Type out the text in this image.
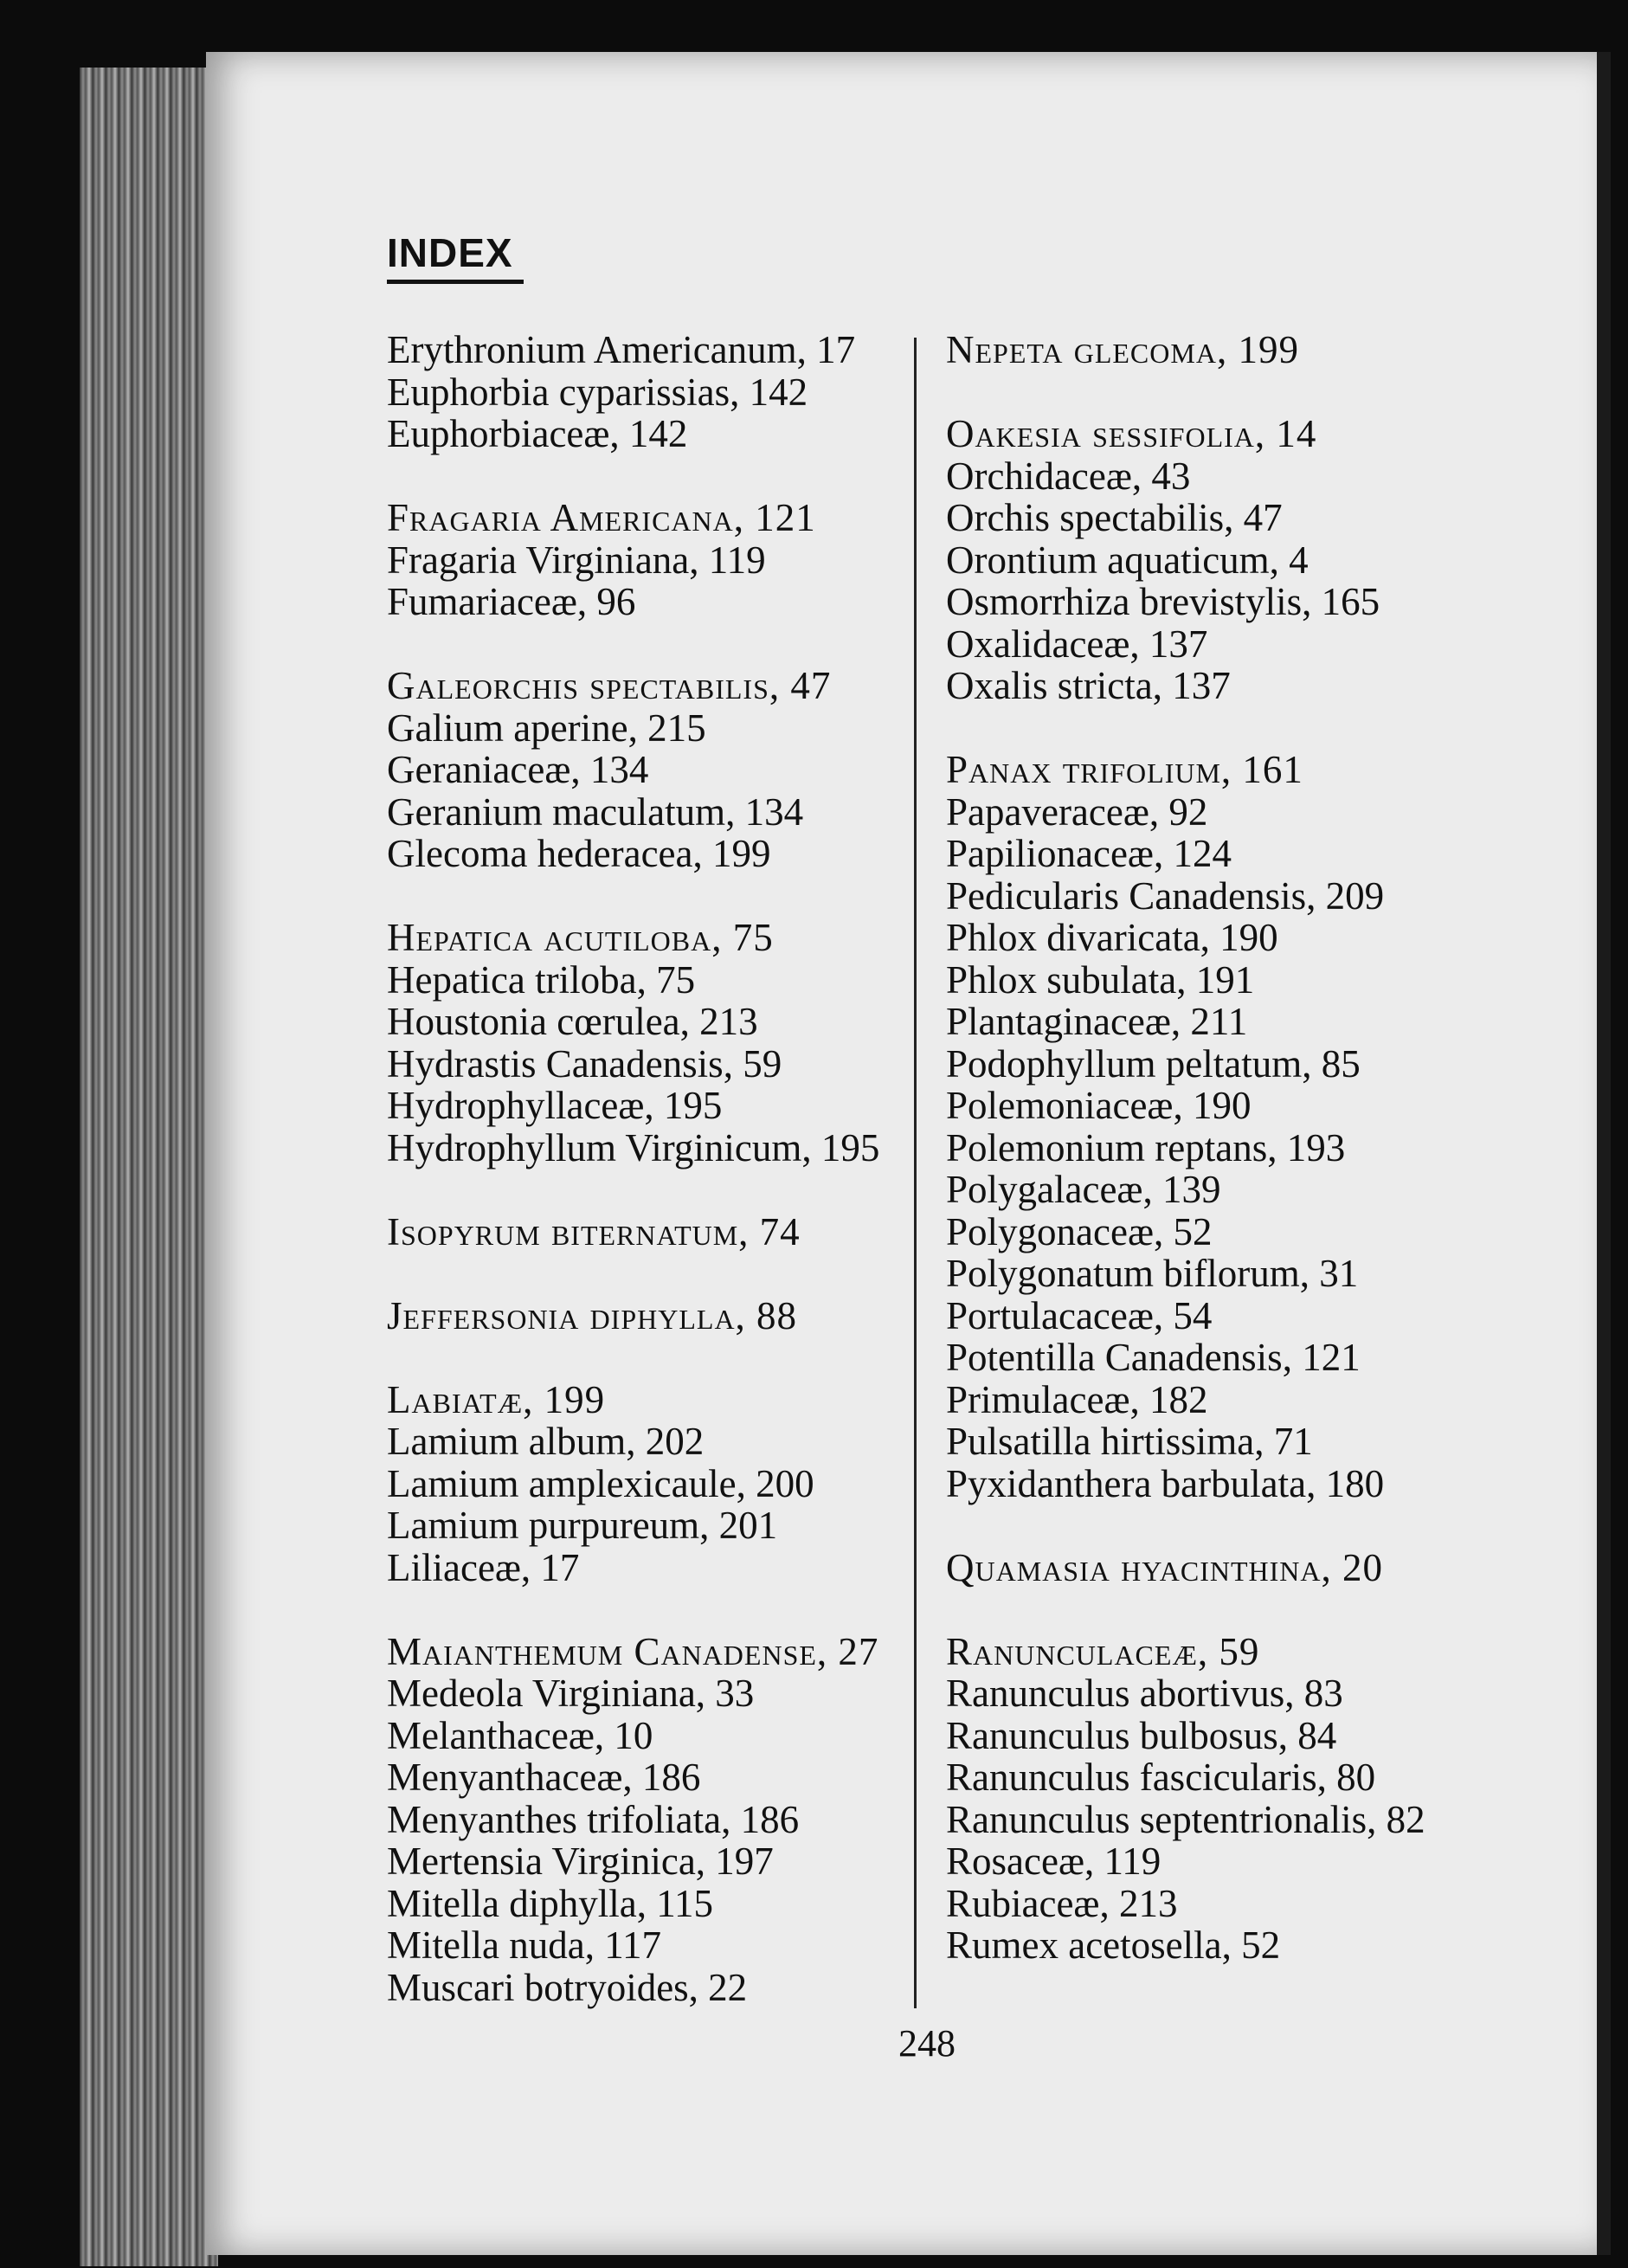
INDEX
Erythronium Americanum, 17
Euphorbia cyparissias, 142
Euphorbiaceæ, 142
Fragaria Americana, 121
Fragaria Virginiana, 119
Fumariaceæ, 96
Galeorchis spectabilis, 47
Galium aperine, 215
Geraniaceæ, 134
Geranium maculatum, 134
Glecoma hederacea, 199
Hepatica acutiloba, 75
Hepatica triloba, 75
Houstonia cœrulea, 213
Hydrastis Canadensis, 59
Hydrophyllaceæ, 195
Hydrophyllum Virginicum, 195
Isopyrum biternatum, 74
Jeffersonia diphylla, 88
Labiatæ, 199
Lamium album, 202
Lamium amplexicaule, 200
Lamium purpureum, 201
Liliaceæ, 17
Maianthemum Canadense, 27
Medeola Virginiana, 33
Melanthaceæ, 10
Menyanthaceæ, 186
Menyanthes trifoliata, 186
Mertensia Virginica, 197
Mitella diphylla, 115
Mitella nuda, 117
Muscari botryoides, 22
Nepeta glecoma, 199
Oakesia sessifolia, 14
Orchidaceæ, 43
Orchis spectabilis, 47
Orontium aquaticum, 4
Osmorrhiza brevistylis, 165
Oxalidaceæ, 137
Oxalis stricta, 137
Panax trifolium, 161
Papaveraceæ, 92
Papilionaceæ, 124
Pedicularis Canadensis, 209
Phlox divaricata, 190
Phlox subulata, 191
Plantaginaceæ, 211
Podophyllum peltatum, 85
Polemoniaceæ, 190
Polemonium reptans, 193
Polygalaceæ, 139
Polygonaceæ, 52
Polygonatum biflorum, 31
Portulacaceæ, 54
Potentilla Canadensis, 121
Primulaceæ, 182
Pulsatilla hirtissima, 71
Pyxidanthera barbulata, 180
Quamasia hyacinthina, 20
Ranunculaceæ, 59
Ranunculus abortivus, 83
Ranunculus bulbosus, 84
Ranunculus fascicularis, 80
Ranunculus septentrionalis, 82
Rosaceæ, 119
Rubiaceæ, 213
Rumex acetosella, 52
248
